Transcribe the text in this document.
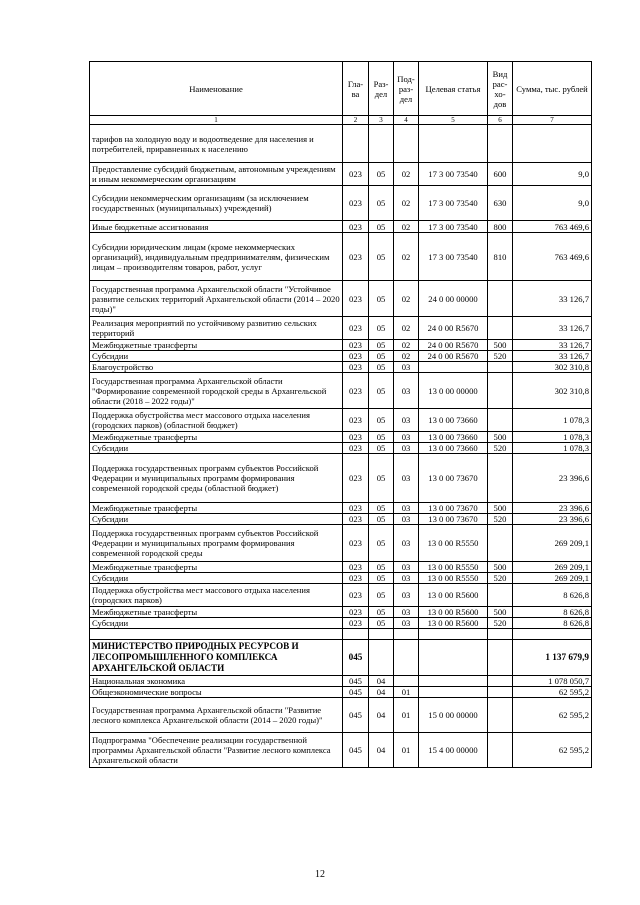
Наименование	Гла-ва	Раз-дел	Под-раз-дел	Целевая статья	Вид рас-хо-дов	Сумма, тыс. рублей
1	2	3	4	5	6	7
тарифов на холодную воду и водоотведение для населения и потребителей, приравненных к населению						
Предоставление субсидий бюджетным, автономным учреждениям и иным некоммерческим организациям	023	05	02	17 3 00 73540	600	9,0
Субсидии некоммерческим организациям (за исключением государственных (муниципальных) учреждений)	023	05	02	17 3 00 73540	630	9,0
Иные бюджетные ассигнования	023	05	02	17 3 00 73540	800	763 469,6
Субсидии юридическим лицам (кроме некоммерческих организаций), индивидуальным предпринимателям, физическим лицам – производителям товаров, работ, услуг	023	05	02	17 3 00 73540	810	763 469,6
Государственная программа Архангельской области "Устойчивое развитие сельских территорий Архангельской области (2014 – 2020 годы)"	023	05	02	24 0 00 00000		33 126,7
Реализация мероприятий по устойчивому развитию сельских территорий	023	05	02	24 0 00 R5670		33 126,7
Межбюджетные трансферты	023	05	02	24 0 00 R5670	500	33 126,7
Субсидии	023	05	02	24 0 00 R5670	520	33 126,7
Благоустройство	023	05	03			302 310,8
Государственная программа Архангельской области "Формирование современной городской среды в Архангельской области (2018 – 2022 годы)"	023	05	03	13 0 00 00000		302 310,8
Поддержка обустройства мест массового отдыха населения (городских парков) (областной бюджет)	023	05	03	13 0 00 73660		1 078,3
Межбюджетные трансферты	023	05	03	13 0 00 73660	500	1 078,3
Субсидии	023	05	03	13 0 00 73660	520	1 078,3
Поддержка государственных программ субъектов Российской Федерации и муниципальных программ формирования современной городской среды (областной бюджет)	023	05	03	13 0 00 73670		23 396,6
Межбюджетные трансферты	023	05	03	13 0 00 73670	500	23 396,6
Субсидии	023	05	03	13 0 00 73670	520	23 396,6
Поддержка государственных программ субъектов Российской Федерации и муниципальных программ формирования современной городской среды	023	05	03	13 0 00 R5550		269 209,1
Межбюджетные трансферты	023	05	03	13 0 00 R5550	500	269 209,1
Субсидии	023	05	03	13 0 00 R5550	520	269 209,1
Поддержка обустройства мест массового отдыха населения (городских парков)	023	05	03	13 0 00 R5600		8 626,8
Межбюджетные трансферты	023	05	03	13 0 00 R5600	500	8 626,8
Субсидии	023	05	03	13 0 00 R5600	520	8 626,8

МИНИСТЕРСТВО ПРИРОДНЫХ РЕСУРСОВ И ЛЕСОПРОМЫШЛЕННОГО КОМПЛЕКСА АРХАНГЕЛЬСКОЙ ОБЛАСТИ	045					1 137 679,9
Национальная экономика	045	04				1 078 050,7
Общеэкономические вопросы	045	04	01			62 595,2
Государственная программа Архангельской области "Развитие лесного комплекса Архангельской области (2014 – 2020 годы)"	045	04	01	15 0 00 00000		62 595,2
Подпрограмма "Обеспечение реализации государственной программы Архангельской области "Развитие лесного комплекса Архангельской области	045	04	01	15 4 00 00000		62 595,2
12
